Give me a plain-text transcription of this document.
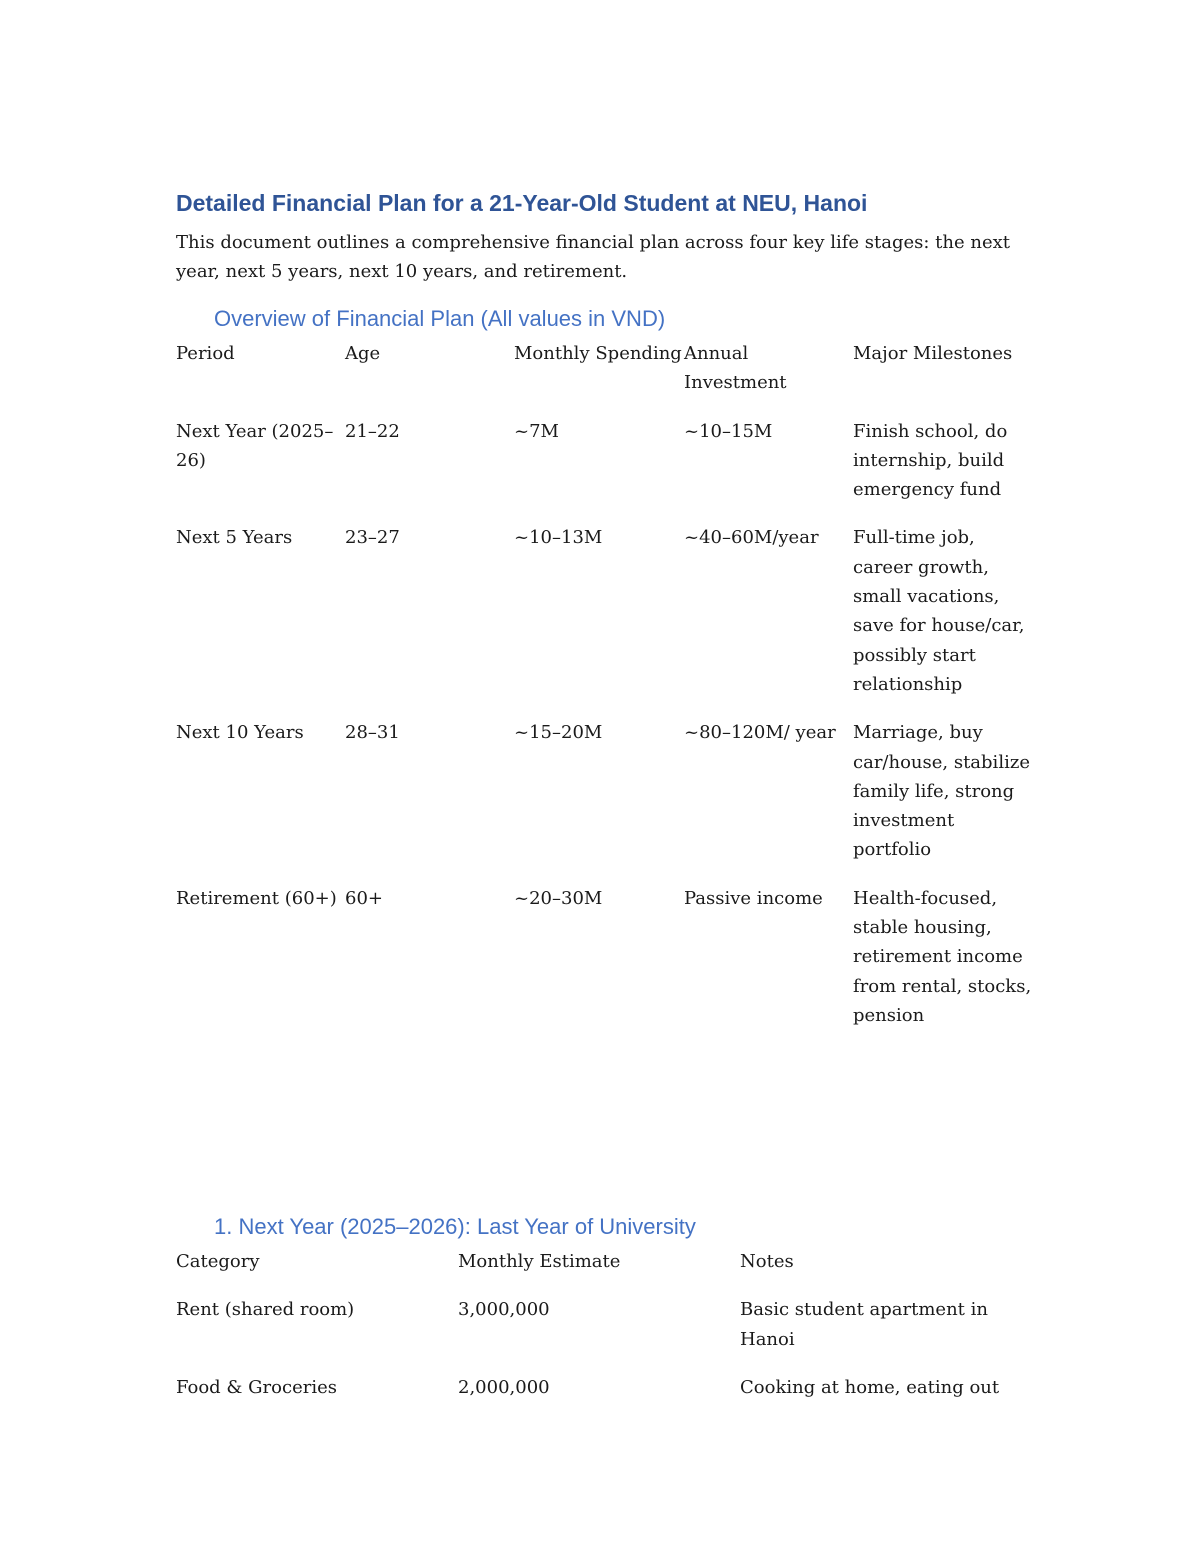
Detailed Financial Plan for a 21-Year-Old Student at NEU, Hanoi
This document outlines a comprehensive financial plan across four key life stages: the next year, next 5 years, next 10 years, and retirement.
Overview of Financial Plan (All values in VND)
Period	Age	Monthly Spending	Annual Investment	Major Milestones
Next Year (2025–26)	21–22	~7M	~10–15M	Finish school, do internship, build emergency fund
Next 5 Years	23–27	~10–13M	~40–60M/year	Full-time job, career growth, small vacations, save for house/car, possibly start relationship
Next 10 Years	28–31	~15–20M	~80–120M/ year	Marriage, buy car/house, stabilize family life, strong investment portfolio
Retirement (60+)	60+	~20–30M	Passive income	Health-focused, stable housing, retirement income from rental, stocks, pension
1. Next Year (2025–2026): Last Year of University
Category	Monthly Estimate	Notes
Rent (shared room)	3,000,000	Basic student apartment in Hanoi
Food & Groceries	2,000,000	Cooking at home, eating out
